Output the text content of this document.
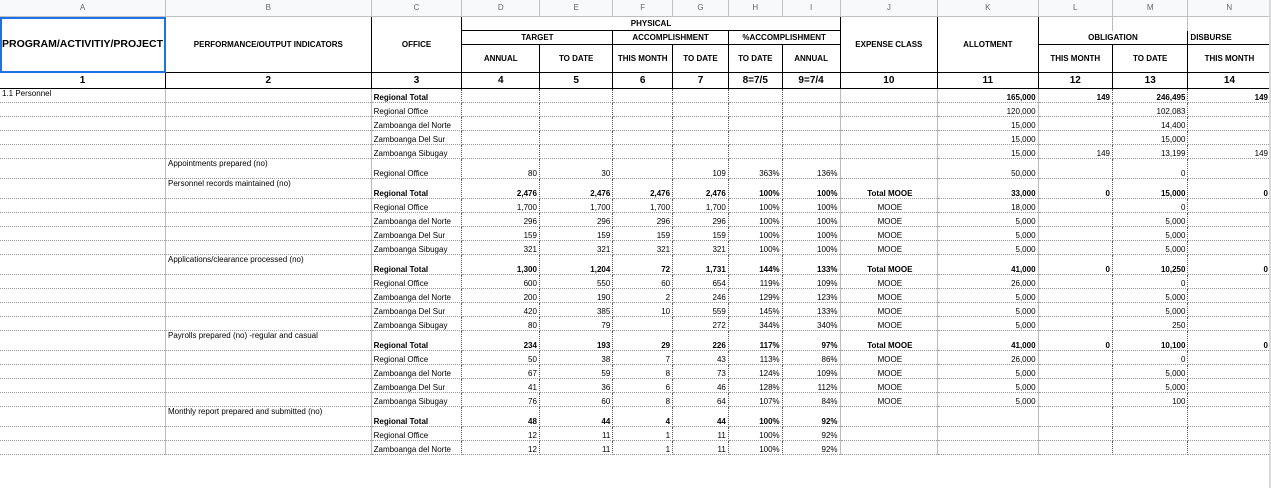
A	B	C	D	E	F	G	H	I	J	K	L	M	N
PROGRAM/ACTIVITIY/PROJECT	PERFORMANCE/OUTPUT INDICATORS	OFFICE	PHYSICAL						EXPENSE CLASS	ALLOTMENT			
			TARGET		ACCOMPLISHMENT		%ACCOMPLISHMENT				OBLIGATION		DISBURSE
			ANNUAL	TO DATE	THIS MONTH	TO DATE	TO DATE	ANNUAL			THIS MONTH	TO DATE	THIS MONTH
1	2	3	4	5	6	7	8=7/5	9=7/4	10	11	12	13	14
1.1 Personnel		Regional Total								165,000	149	246,495	149
		Regional Office								120,000		102,083	
		Zamboanga del Norte								15,000		14,400	
		Zamboanga Del Sur								15,000		15,000	
		Zamboanga Sibugay								15,000	149	13,199	149
	Appointments prepared (no)	Regional Office	80	30		109	363%	136%		50,000		0	
	Personnel records maintained (no)	Regional Total	2,476	2,476	2,476	2,476	100%	100%	Total MOOE	33,000	0	15,000	0
		Regional Office	1,700	1,700	1,700	1,700	100%	100%	MOOE	18,000		0	
		Zamboanga del Norte	296	296	296	296	100%	100%	MOOE	5,000		5,000	
		Zamboanga Del Sur	159	159	159	159	100%	100%	MOOE	5,000		5,000	
		Zamboanga Sibugay	321	321	321	321	100%	100%	MOOE	5,000		5,000	
	Applications/clearance processed (no)	Regional Total	1,300	1,204	72	1,731	144%	133%	Total MOOE	41,000	0	10,250	0
		Regional Office	600	550	60	654	119%	109%	MOOE	26,000		0	
		Zamboanga del Norte	200	190	2	246	129%	123%	MOOE	5,000		5,000	
		Zamboanga Del Sur	420	385	10	559	145%	133%	MOOE	5,000		5,000	
		Zamboanga Sibugay	80	79		272	344%	340%	MOOE	5,000		250	
	Payrolls prepared (no) -regular and casual	Regional Total	234	193	29	226	117%	97%	Total MOOE	41,000	0	10,100	0
		Regional Office	50	38	7	43	113%	86%	MOOE	26,000		0	
		Zamboanga del Norte	67	59	8	73	124%	109%	MOOE	5,000		5,000	
		Zamboanga Del Sur	41	36	6	46	128%	112%	MOOE	5,000		5,000	
		Zamboanga Sibugay	76	60	8	64	107%	84%	MOOE	5,000		100	
	Monthly report prepared and submitted (no)	Regional Total	48	44	4	44	100%	92%					
		Regional Office	12	11	1	11	100%	92%					
		Zamboanga del Norte	12	11	1	11	100%	92%					
